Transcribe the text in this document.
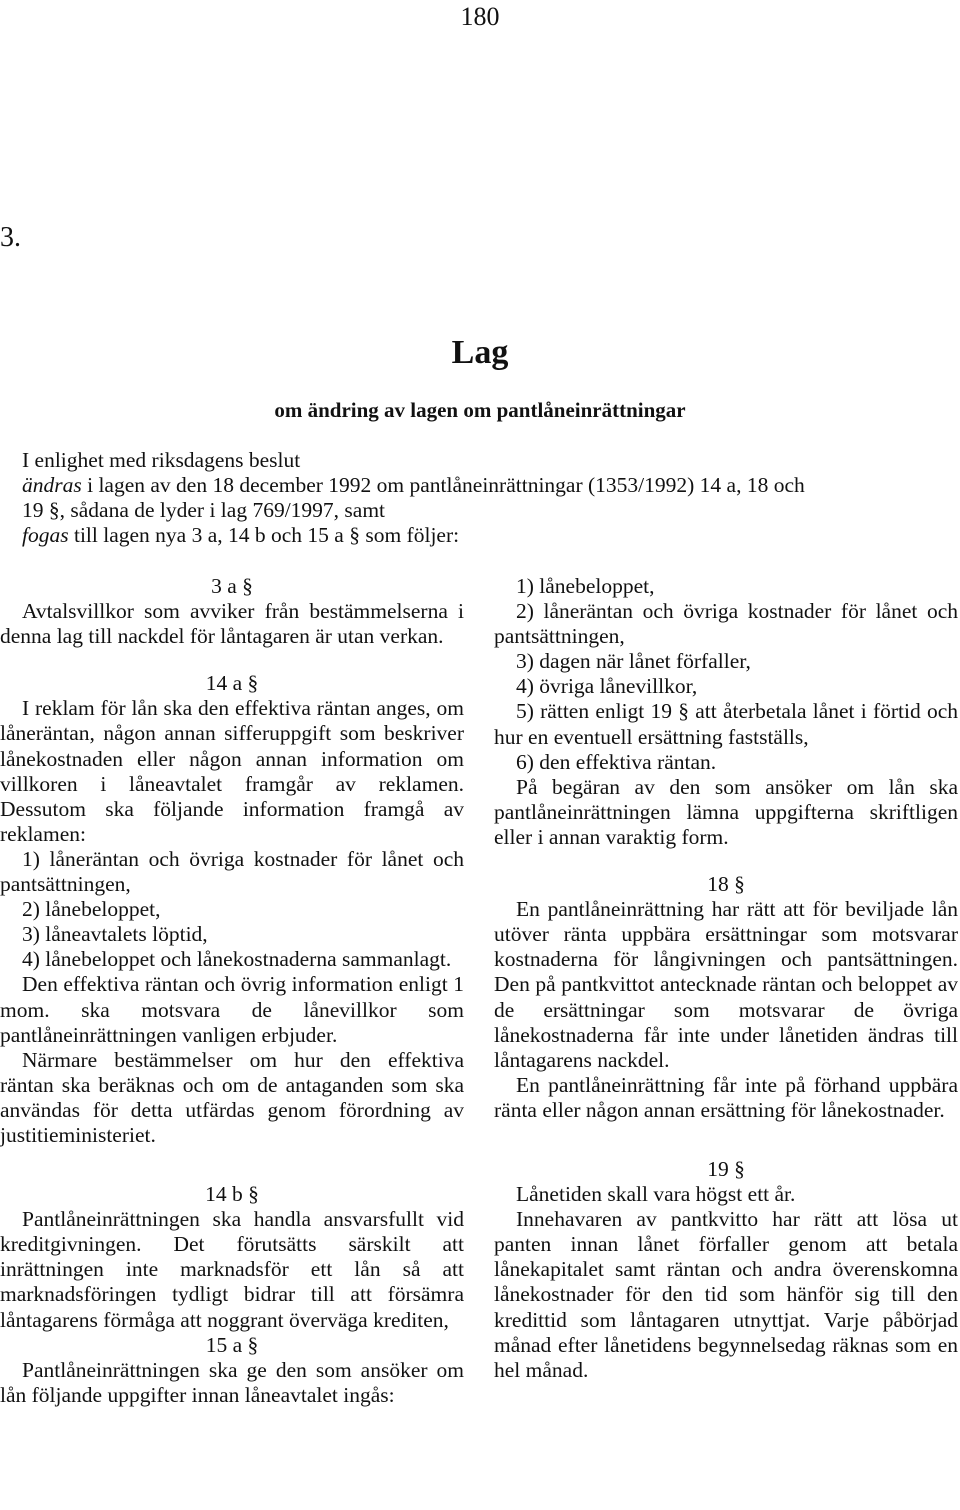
180
3.
Lag
om ändring av lagen om pantlåneinrättningar
I enlighet med riksdagens beslut
ändras i lagen av den 18 december 1992 om pantlåneinrättningar (1353/1992) 14 a, 18 och
19 §, sådana de lyder i lag 769/1997, samt
fogas till lagen nya 3 a, 14 b och 15 a § som följer:
3 a §
Avtalsvillkor som avviker från bestämmelserna i denna lag till nackdel för låntagaren är utan verkan.
14 a §
I reklam för lån ska den effektiva räntan anges, om låneräntan, någon annan sifferuppgift som beskriver lånekostnaden eller någon annan information om villkoren i låneavtalet framgår av reklamen. Dessutom ska följande information framgå av reklamen:
1) låneräntan och övriga kostnader för lånet och pantsättningen,
2) lånebeloppet,
3) låneavtalets löptid,
4) lånebeloppet och lånekostnaderna sammanlagt.
Den effektiva räntan och övrig information enligt 1 mom. ska motsvara de lånevillkor som pantlåneinrättningen vanligen erbjuder.
Närmare bestämmelser om hur den effektiva räntan ska beräknas och om de antaganden som ska användas för detta utfärdas genom förordning av justitieministeriet.
14 b §
Pantlåneinrättningen ska handla ansvarsfullt vid kreditgivningen. Det förutsätts särskilt att inrättningen inte marknadsför ett lån så att marknadsföringen tydligt bidrar till att försämra låntagarens förmåga att noggrant överväga krediten,
15 a §
Pantlåneinrättningen ska ge den som ansöker om lån följande uppgifter innan låneavtalet ingås:
1) lånebeloppet,
2) låneräntan och övriga kostnader för lånet och pantsättningen,
3) dagen när lånet förfaller,
4) övriga lånevillkor,
5) rätten enligt 19 § att återbetala lånet i förtid och hur en eventuell ersättning fastställs,
6) den effektiva räntan.
På begäran av den som ansöker om lån ska pantlåneinrättningen lämna uppgifterna skriftligen eller i annan varaktig form.
18 §
En pantlåneinrättning har rätt att för beviljade lån utöver ränta uppbära ersättningar som motsvarar kostnaderna för långivningen och pantsättningen. Den på pantkvittot antecknade räntan och beloppet av de ersättningar som motsvarar de övriga lånekostnaderna får inte under lånetiden ändras till låntagarens nackdel.
En pantlåneinrättning får inte på förhand uppbära ränta eller någon annan ersättning för lånekostnader.
19 §
Lånetiden skall vara högst ett år.
Innehavaren av pantkvitto har rätt att lösa ut panten innan lånet förfaller genom att betala lånekapitalet samt räntan och andra överenskomna lånekostnader för den tid som hänför sig till den kredittid som låntagaren utnyttjat. Varje påbörjad månad efter lånetidens begynnelsedag räknas som en hel månad.
